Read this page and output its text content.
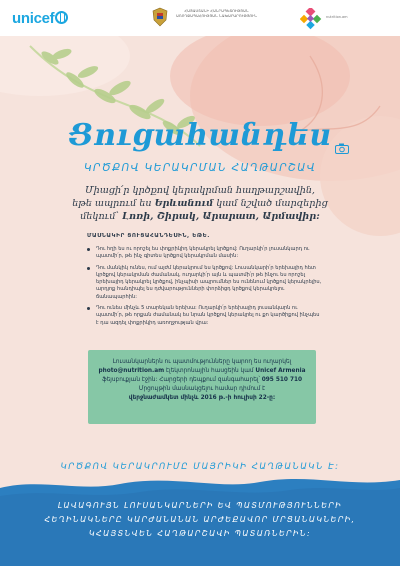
unicef	ՀԱՅԱՍՏԱՆԻ ՀԱՆՐԱՊԵՏՈՒԹՅԱՆ ԱՌՈՂՋԱՊԱՀՈՒԹՅԱՆ ՆԱԽԱՐԱՐՈՒԹՅՈՒՆ	nutrition.am
Ցուցահանդես
ԿՐԾՔՈՎ ԿԵՐԱԿՐՄԱՆ ՀԱՂԹԱՐՇԱՎ
Միացի՛ր կրծքով կերակրման հաղթարշավին,
եթե ապրում ես Երևանում կամ նշված մարզերից
մեկում՝ Լոռի, Շիրակ, Արարատ, Արմավիր:
ՄԱՍՆԱԿԻՐ ՑՈՒՑԱՀԱՆԴԵՍԻՆ, ԵԹԵ.
Դու հղի ես ու որոշել ես փոքրիկիդ կերակրել կրծքով: Ուղարկի՛ր լուսանկարդ ու պատմի՛ր, թե ինչ գիտես կրծքով կերակրման մասին:
Դու մանկիկ ունես, ում այժմ կերակրում ես կրծքով: Լուսանկարի՛ր երեխայիդ հետ կրծքով կերակրման ժամանակ, ուղարկի՛ր այն և պատմի՛ր թե ինչու ես որոշել երեխայիդ կերակրել կրծքով, ինչպիսի ապրումներ ես ունենում կրծքով կերակրելիս, արդյոք հանդիպել ես դժվարությունների փորձիցդ կրծքով կերակրելու ճանապարհին:
Դու ունես մինչև 5 տարեկան երեխա: Ուղարկի՛ր երեխայիդ լուսանկարն ու պատմի՛ր, թե որքան ժամանակ ես նրան կրծքով կերակրել ու քո կարծիքով ինչպես է դա ազդել փոքրիկիդ առողջության վրա:

Լուսանկարներն ու պատմությունները կարող ես ուղարկել

photo@nutrition.am էլեկտրոնային հասցեին կամ Unicef Armenia

ֆեյսբուքյան էջին: Հարցերի դեպքում զանգահարել՝ 095 510 710

Մրցույթին մասնակցելու համար դիմում է

վերջնաժամկետ մինչև 2016 թ.-ի հուլիսի 22-ը:

ԿՐԾՔՈՎ ԿԵՐԱԿՐՈՒՄԸ ՄԱՅՐԻԿԻ ՀԱՂԹԱՆԱԿՆ Է:
ԼԱՎԱԳՈՒՅՆ ԼՈՒՍԱՆԿԱՐՆԵՐԻ ԵՎ ՊԱՏՄՈՒԹՅՈՒՆՆԵՐԻ
ՀԵՂԻՆԱԿՆԵՐԸ ԿԱՐԺԱՆԱՆԱՆ ԱՐԺԵՔԱՎՈՐ ՄՐՑԱՆԱԿՆԵՐԻ,
ԿՀԱՅՏՆՎԵՆ ՀԱՂԹԱՐՇԱՎԻ ՊԱՏԱՌՆԵՐԻՆ:
